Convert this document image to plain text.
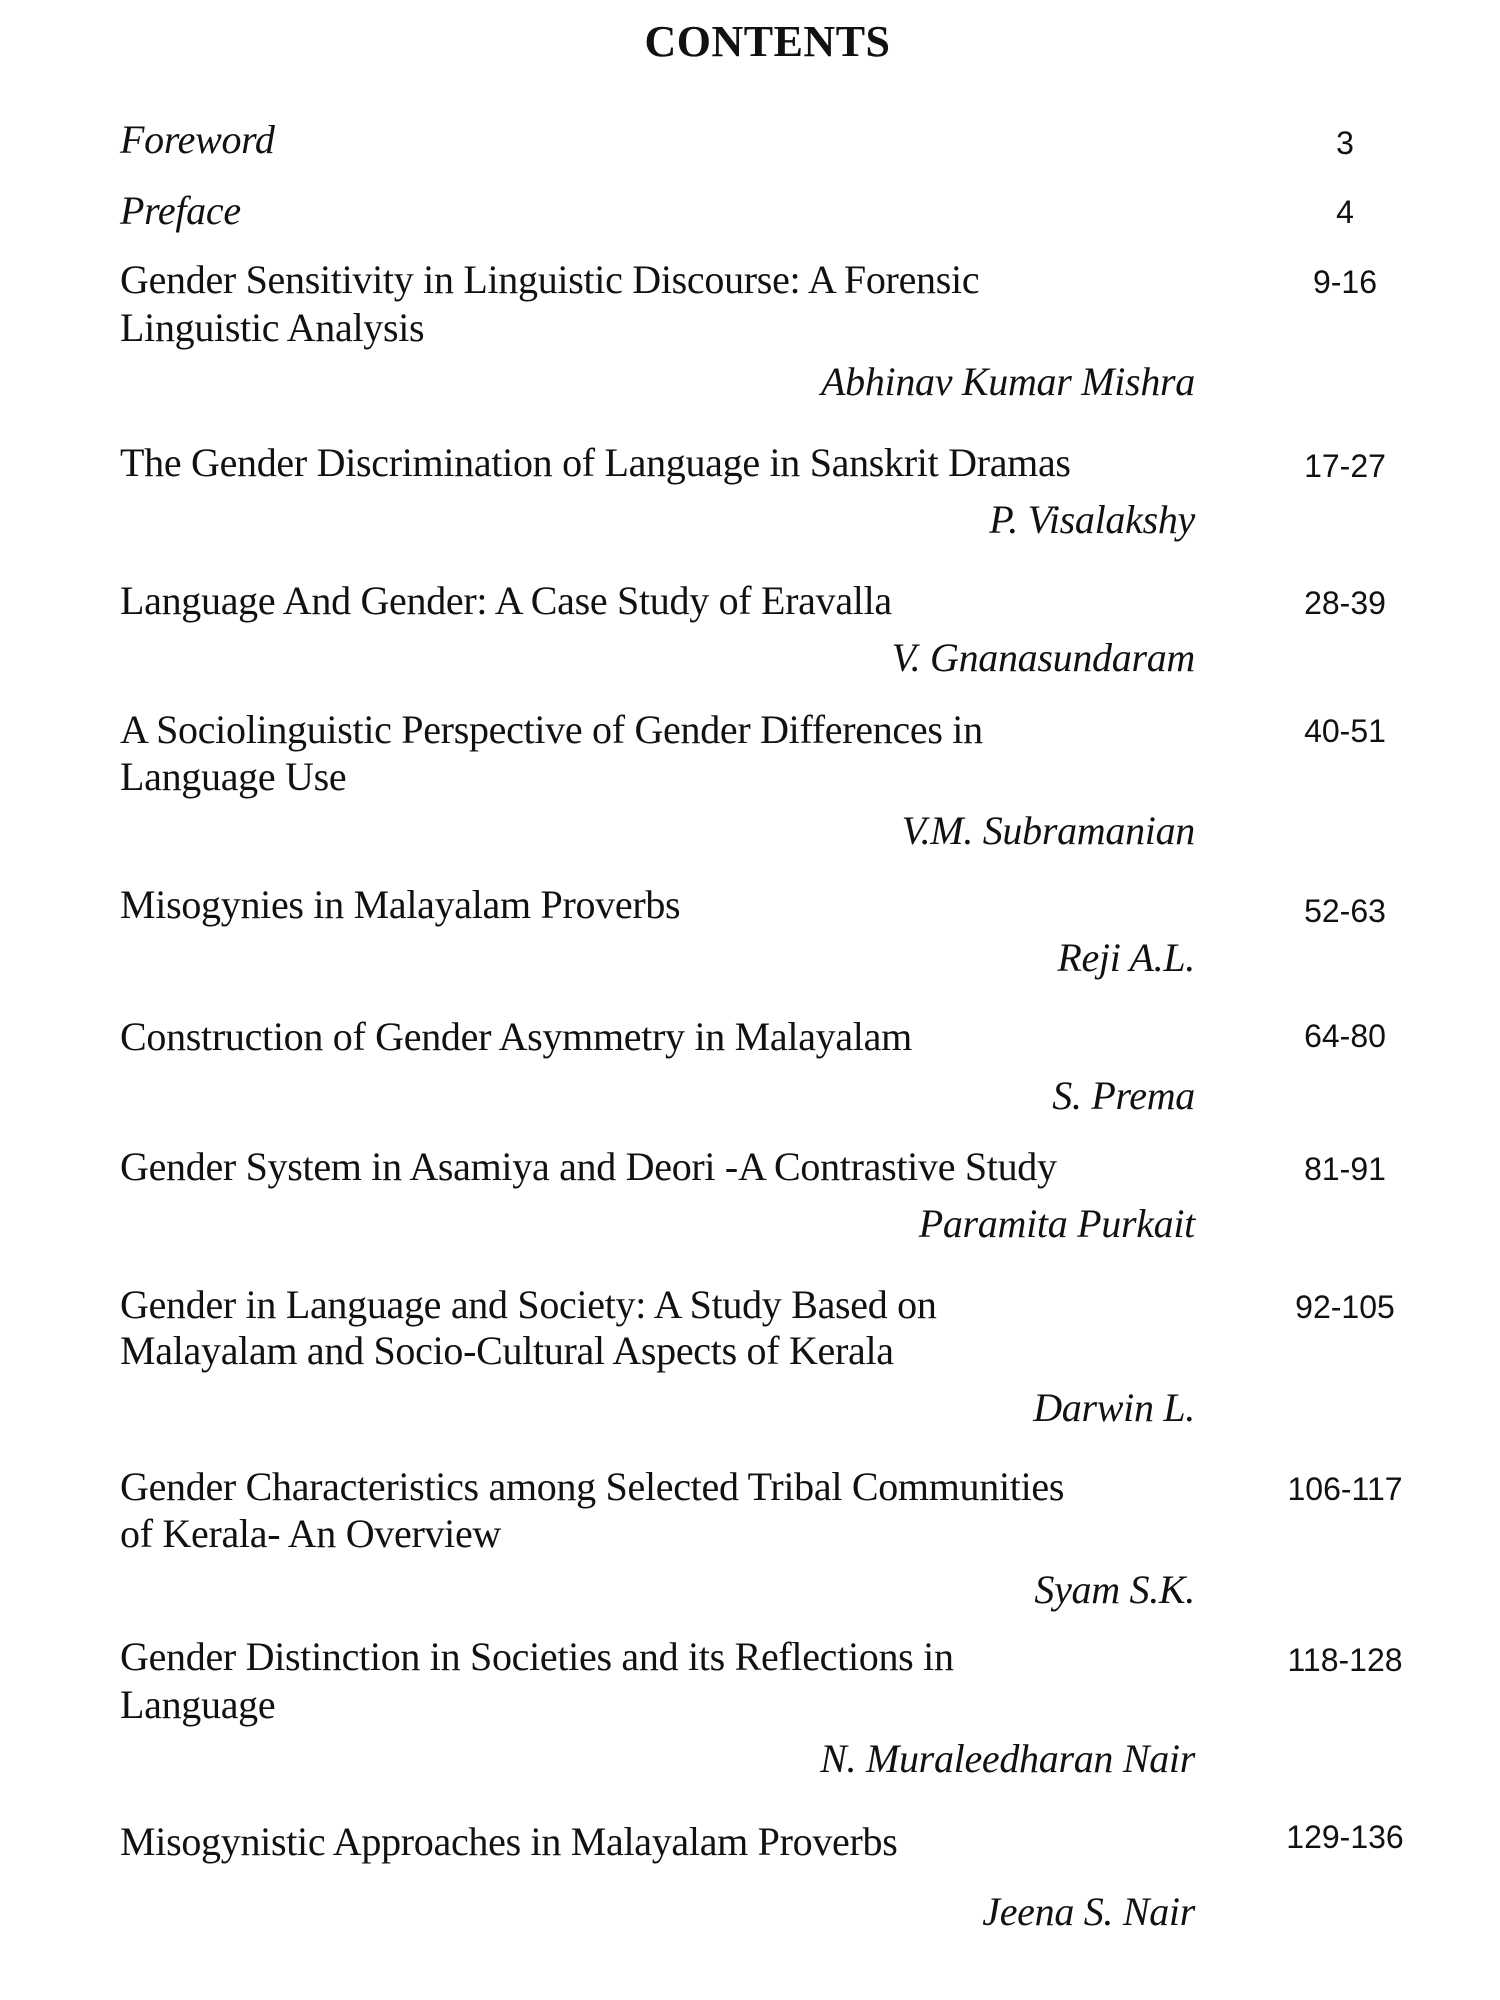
CONTENTS
Foreword	3
Preface	4
Gender Sensitivity in Linguistic Discourse: A Forensic
Linguistic Analysis
Abhinav Kumar Mishra
9-16
The Gender Discrimination of Language in Sanskrit Dramas
P. Visalakshy
17-27
Language And Gender: A Case Study of Eravalla
V. Gnanasundaram
28-39
A Sociolinguistic Perspective of Gender Differences in
Language Use
V.M. Subramanian
40-51
Misogynies in Malayalam Proverbs
Reji A.L.
52-63
Construction of Gender Asymmetry in Malayalam
S. Prema
64-80
Gender System in Asamiya and Deori -A Contrastive Study
Paramita Purkait
81-91
Gender in Language and Society: A Study Based on
Malayalam and Socio-Cultural Aspects of Kerala
Darwin L.
92-105
Gender Characteristics among Selected Tribal Communities
of Kerala- An Overview
Syam S.K.
106-117
Gender Distinction in Societies and its Reflections in
Language
N. Muraleedharan Nair
118-128
Misogynistic Approaches in Malayalam Proverbs
Jeena S. Nair
129-136
